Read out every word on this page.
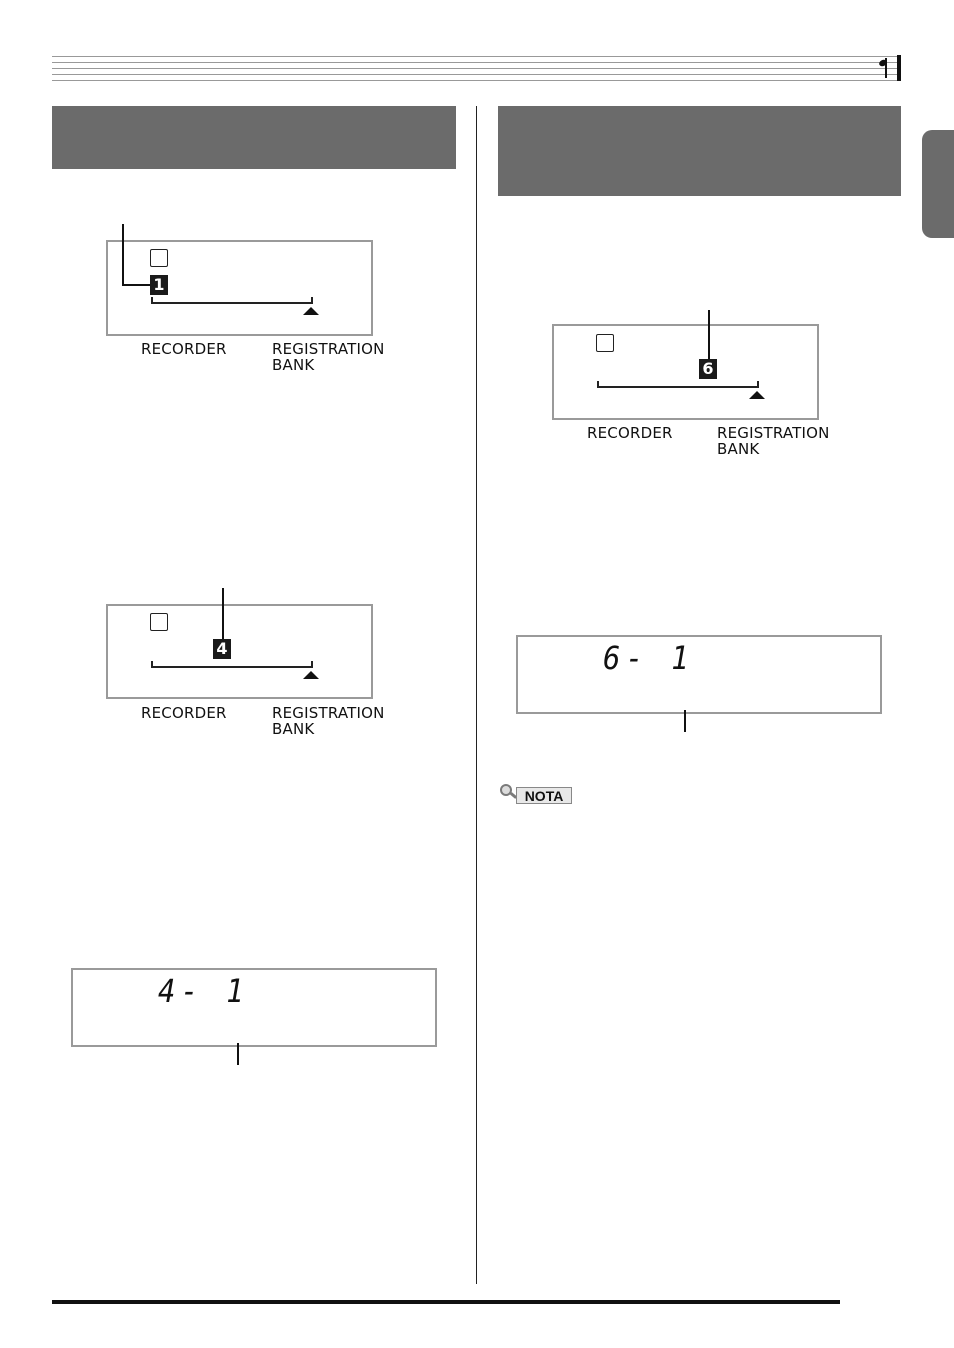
1
RECORDER	REGISTRATION
BANK
4
RECORDER	REGISTRATION
BANK
4- 1
6
RECORDER	REGISTRATION
BANK
6- 1
NOTA
